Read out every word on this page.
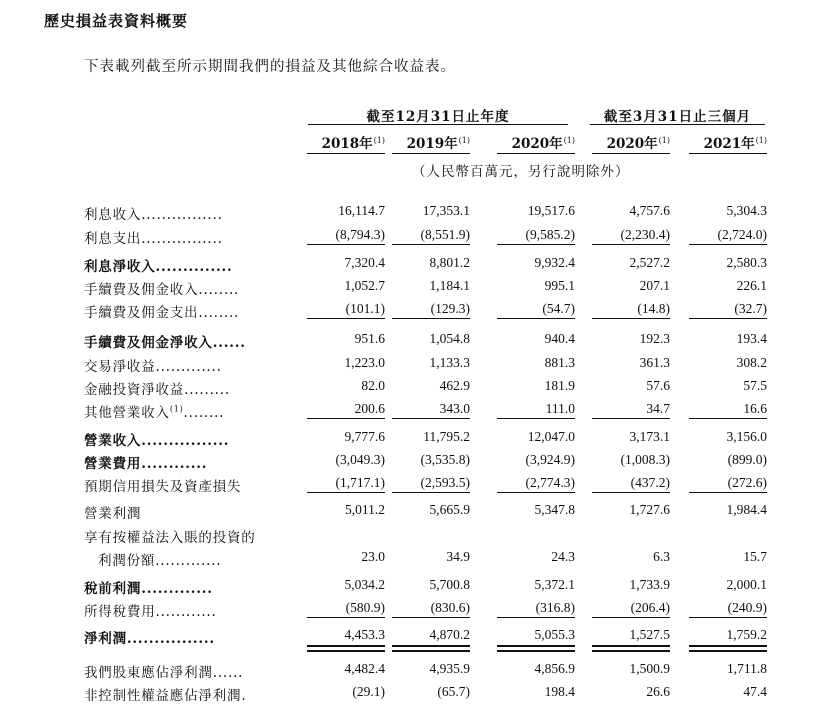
歷史損益表資料概要

下表載列截至所示期間我們的損益及其他綜合收益表。

截至12月31日止年度	截至3月31日止三個月
2018年$^{(1)}$	2019年$^{(1)}$	2020年$^{(1)}$	2020年$^{(1)}$	2021年$^{(1)}$
（人民幣百萬元，另行說明除外）
利息收入................	16,114.7	17,353.1	19,517.6	4,757.6	5,304.3
利息支出................	(8,794.3)	(8,551.9)	(9,585.2)	(2,230.4)	(2,724.0)
利息淨收入..............	7,320.4	8,801.2	9,932.4	2,527.2	2,580.3
手續費及佣金收入........	1,052.7	1,184.1	995.1	207.1	226.1
手續費及佣金支出........	(101.1)	(129.3)	(54.7)	(14.8)	(32.7)
手續費及佣金淨收入......	951.6	1,054.8	940.4	192.3	193.4
交易淨收益.............	1,223.0	1,133.3	881.3	361.3	308.2
金融投資淨收益.........	82.0	462.9	181.9	57.6	57.5
其他營業收入$^{(1)}$........	200.6	343.0	111.0	34.7	16.6
營業收入................	9,777.6	11,795.2	12,047.0	3,173.1	3,156.0
營業費用............	(3,049.3)	(3,535.8)	(3,924.9)	(1,008.3)	(899.0)
預期信用損失及資產損失	(1,717.1)	(2,593.5)	(2,774.3)	(437.2)	(272.6)
營業利潤	5,011.2	5,665.9	5,347.8	1,727.6	1,984.4
享有按權益法入賬的投資的
利潤份額.............	23.0	34.9	24.3	6.3	15.7
稅前利潤.............	5,034.2	5,700.8	5,372.1	1,733.9	2,000.1
所得稅費用............	(580.9)	(830.6)	(316.8)	(206.4)	(240.9)
淨利潤................	4,453.3	4,870.2	5,055.3	1,527.5	1,759.2
我們股東應佔淨利潤......	4,482.4	4,935.9	4,856.9	1,500.9	1,711.8
非控制性權益應佔淨利潤.	(29.1)	(65.7)	198.4	26.6	47.4
